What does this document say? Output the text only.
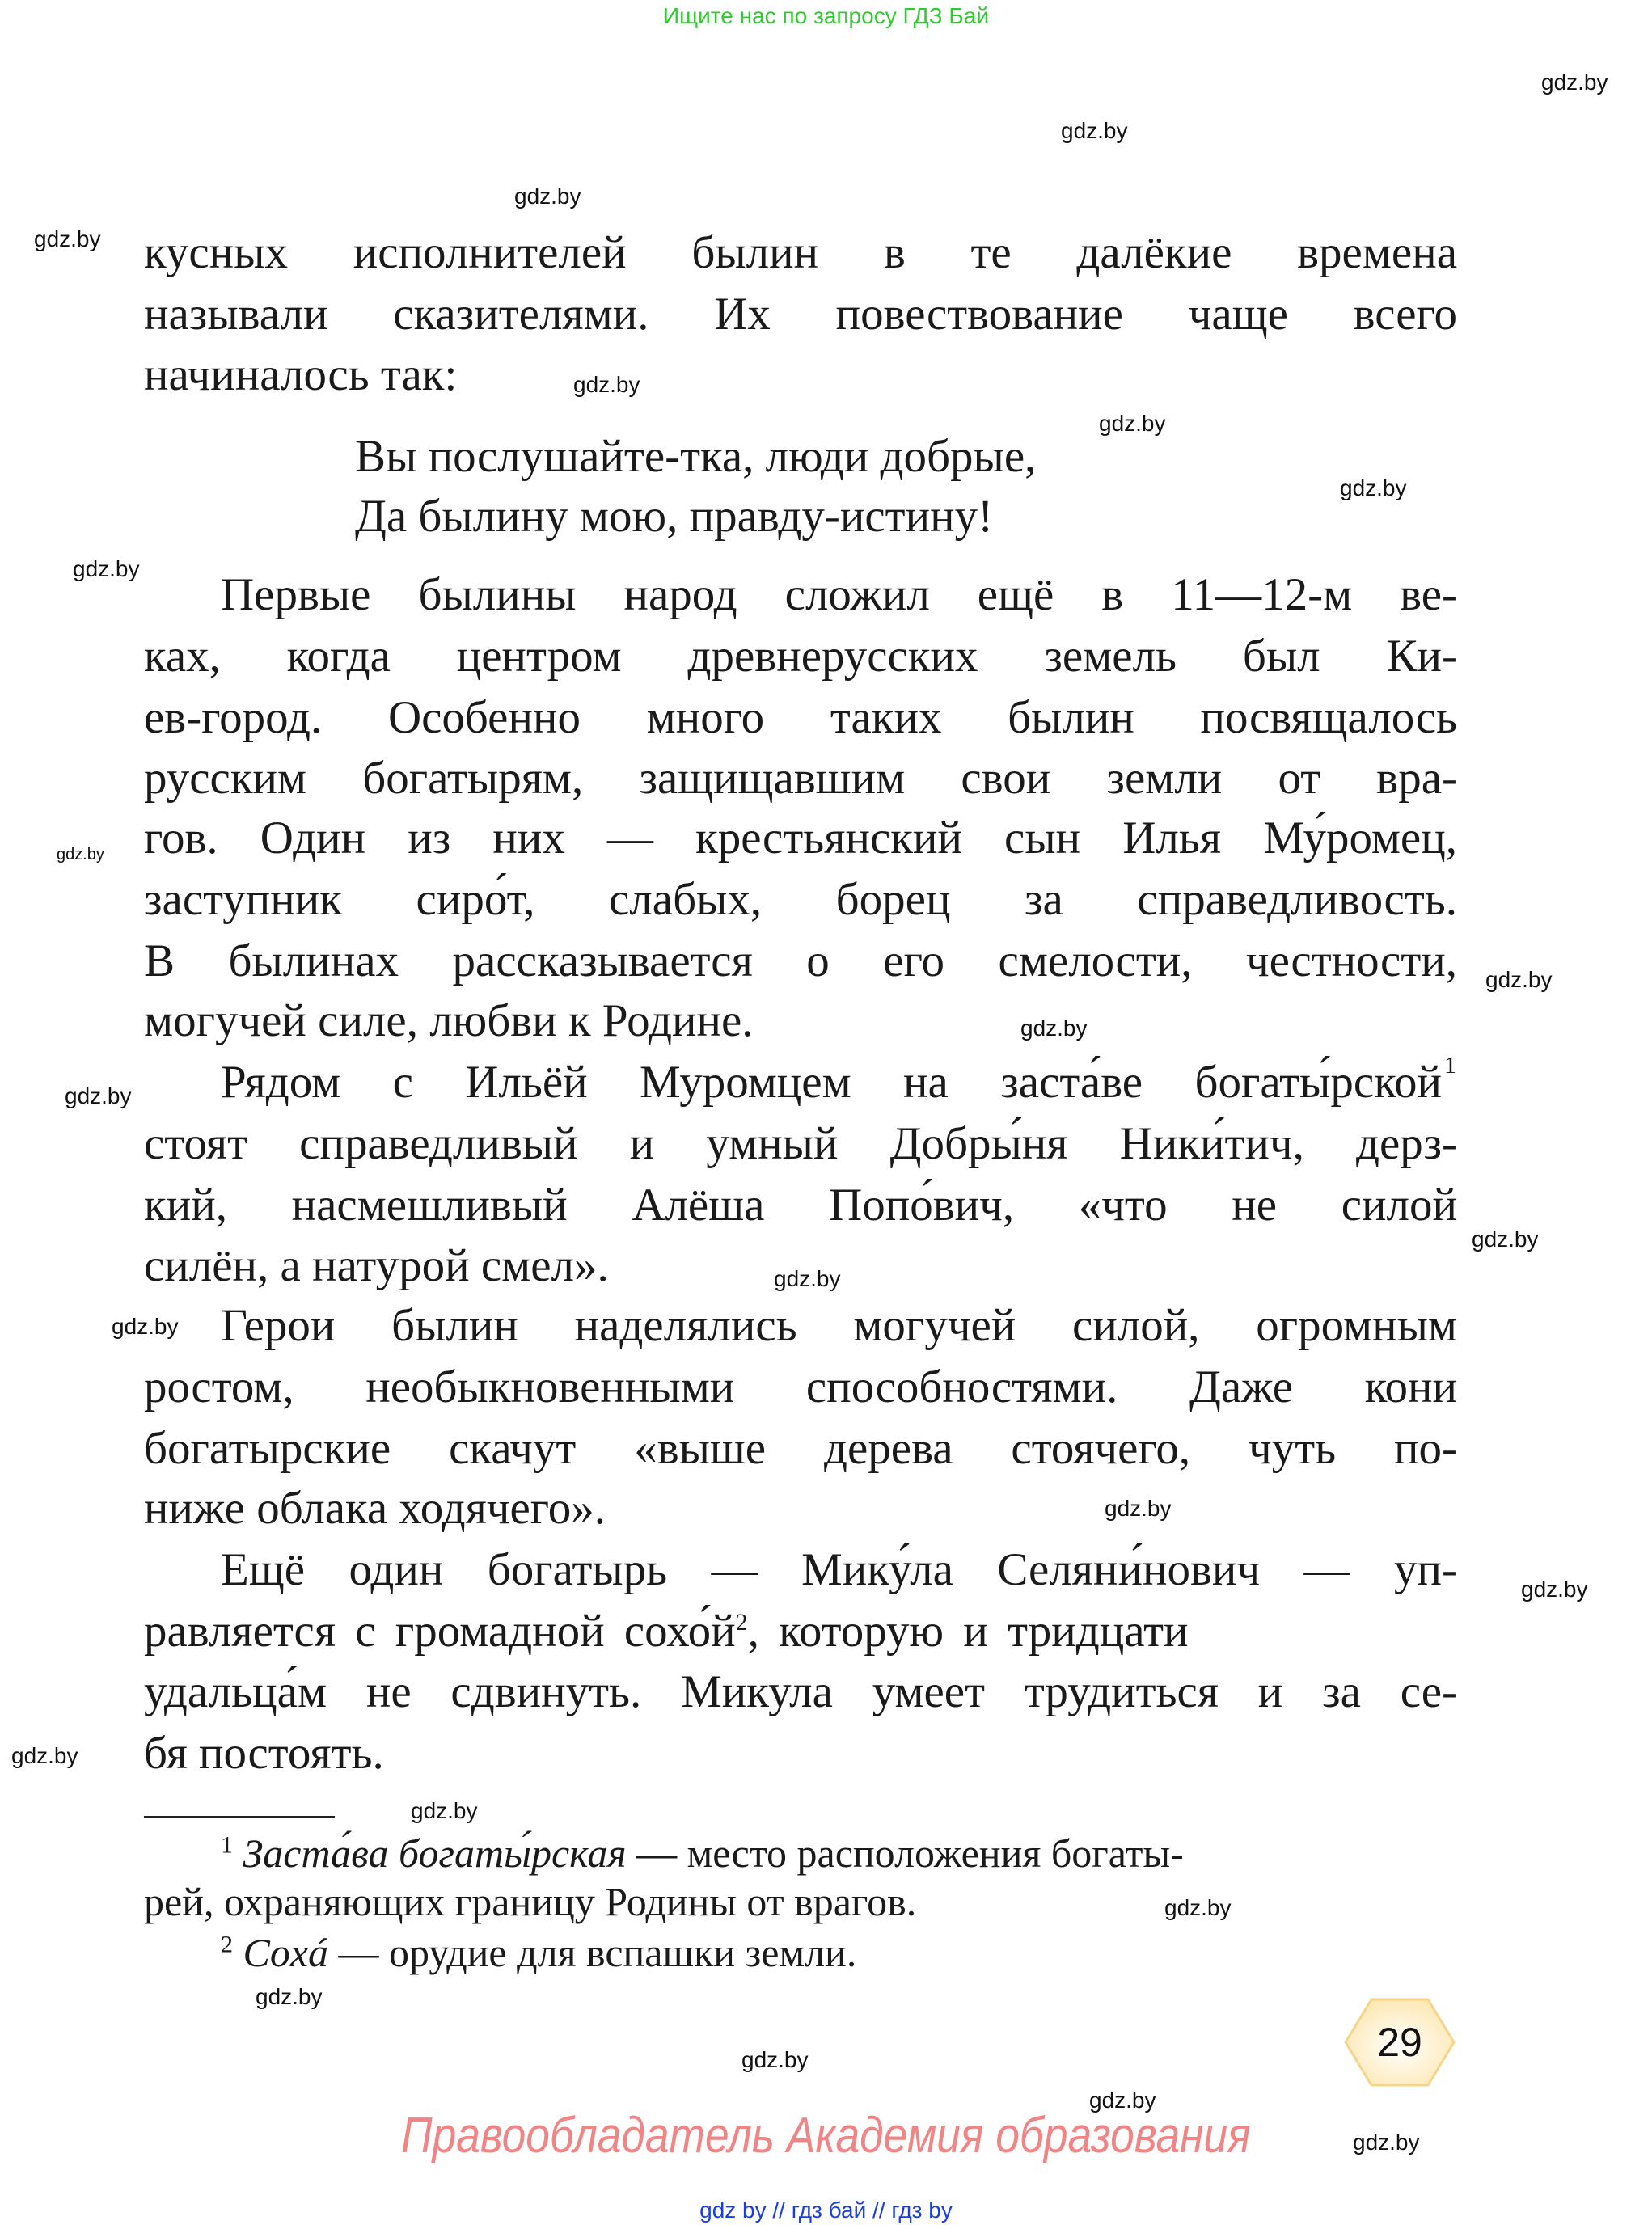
Ищите нас по запросу ГДЗ Бай
кусных исполнителей былин в те далёкие времена
называли сказителями. Их повествование чаще всего
начиналось так:
Вы послушайте-тка, люди добрые,
Да былину мою, правду-истину!
Первые былины народ сложил ещё в 11—12-м ве-
ках, когда центром древнерусских земель был Ки-
ев-город. Особенно много таких былин посвящалось
русским богатырям, защищавшим свои земли от вра-
гов. Один из них — крестьянский сын Илья Му́ромец,
заступник сиро́т, слабых, борец за справедливость.
В былинах рассказывается о его смелости, честности,
могучей силе, любви к Родине.
Рядом с Ильёй Муромцем на заста́ве богаты́рской 1
стоят справедливый и умный Добры́ня Ники́тич, дерз-
кий, насмешливый Алёша Попо́вич, «что не силой
силён, а натурой смел».
Герои былин наделялись могучей силой, огромным
ростом, необыкновенными способностями. Даже кони
богатырские скачут «выше дерева стоячего, чуть по-
ниже облака ходячего».
Ещё один богатырь — Мику́ла Селяни́нович — уп-
равляется с громадной $сохо́й^2$, которую и тридцати
удальца́м не сдвинуть. Микула умеет трудиться и за се-
бя постоять.
$^1$ Заста́ва богаты́рская — место расположения богаты-
рей, охраняющих границу Родины от врагов.
$^2$ Coxá — орудие для вспашки земли.
29
Правообладатель Академия образования
gdz by // гдз бай // гдз by
gdz.by
gdz.by
gdz.by
gdz.by
gdz.by
gdz.by
gdz.by
gdz.by
gdz.by
gdz.by
gdz.by
gdz.by
gdz.by
gdz.by
gdz.by
gdz.by
gdz.by
gdz.by
gdz.by
gdz.by
gdz.by
gdz.by
gdz.by
gdz.by
